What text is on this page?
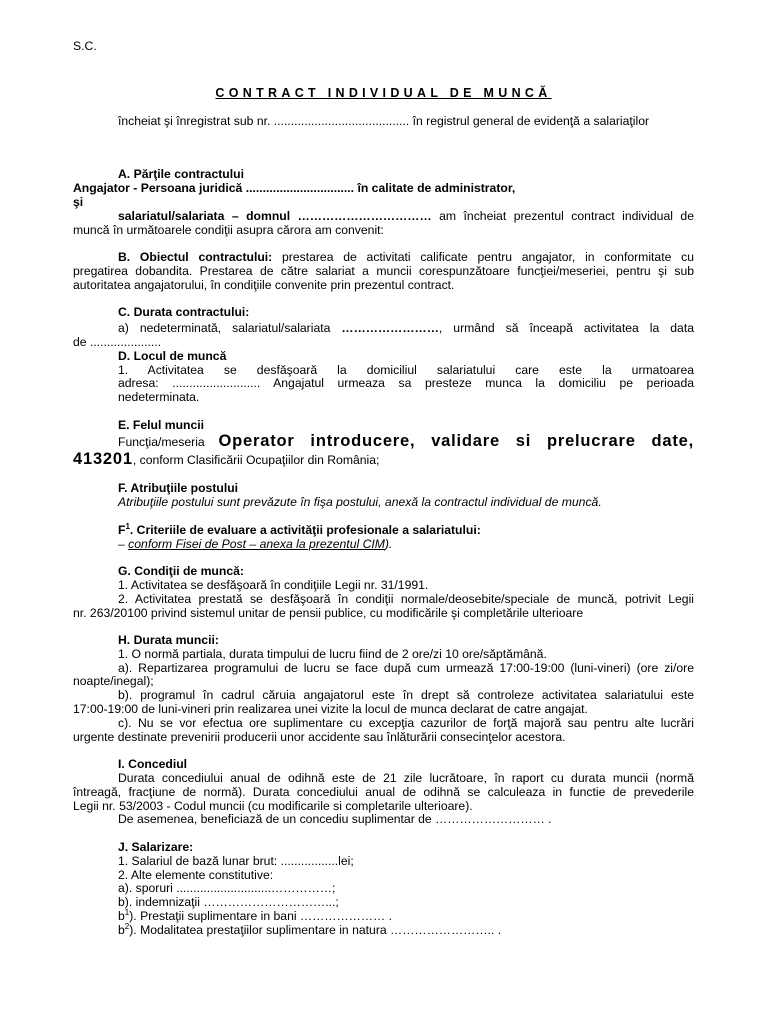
S.C.
CONTRACT INDIVIDUAL DE MUNCĂ
încheiat şi înregistrat sub nr. ........................................ în registrul general de evidenţă a salariaţilor
A. Părţile contractului
Angajator - Persoana juridică ................................ în calitate de administrator,
şi
salariatul/salariata – domnul …………………………… am încheiat prezentul contract individual de
muncă în următoarele condiţii asupra cărora am convenit:
B. Obiectul contractului: prestarea de activitati calificate pentru angajator, in conformitate cu
pregatirea dobandita. Prestarea de către salariat a muncii corespunzătoare funcţiei/meseriei, pentru şi sub
autoritatea angajatorului, în condiţiile convenite prin prezentul contract.
C. Durata contractului:
a) nedeterminată, salariatul/salariata ……………………, urmând să înceapă activitatea la data
de .....................
D. Locul de muncă
1. Activitatea se desfăşoară la domiciliul salariatului care este la urmatoarea
adresa: .......................... Angajatul urmeaza sa presteze munca la domiciliu pe perioada
nedeterminata.
E. Felul muncii
Funcţia/meseria Operator introducere, validare si prelucrare date,
413201, conform Clasificării Ocupaţiilor din România;
F. Atribuţiile postului
Atribuţiile postului sunt prevăzute în fişa postului, anexă la contractul individual de muncă.
$F^1$. Criteriile de evaluare a activităţii profesionale a salariatului:
– conform Fisei de Post – anexa la prezentul CIM).
G. Condiţii de muncă:
1. Activitatea se desfăşoară în condiţiile Legii nr. 31/1991.
2. Activitatea prestată se desfăşoară în condiţii normale/deosebite/speciale de muncă, potrivit Legii
nr. 263/20100 privind sistemul unitar de pensii publice, cu modificările şi completările ulterioare
H. Durata muncii:
1. O normă partiala, durata timpului de lucru fiind de 2 ore/zi 10 ore/săptămână.
a). Repartizarea programului de lucru se face după cum urmează 17:00-19:00 (luni-vineri) (ore zi/ore
noapte/inegal);
b). programul în cadrul căruia angajatorul este în drept să controleze activitatea salariatului este
17:00-19:00 de luni-vineri prin realizarea unei vizite la locul de munca declarat de catre angajat.
c). Nu se vor efectua ore suplimentare cu excepţia cazurilor de forţă majoră sau pentru alte lucrări
urgente destinate prevenirii producerii unor accidente sau înlăturării consecinţelor acestora.
I. Concediul
Durata concediului anual de odihnă este de 21 zile lucrătoare, în raport cu durata muncii (normă
întreagă, fracţiune de normă). Durata concediului anual de odihnă se calculeaza in functie de prevederile
Legii nr. 53/2003 - Codul muncii (cu modificarile si completarile ulterioare).
De asemenea, beneficiază de un concediu suplimentar de ……………………… .
J. Salarizare:
1. Salariul de bază lunar brut: .................lei;
2. Alte elemente constitutive:
a). sporuri ............................……………;
b). indemnizaţii …………………………...;
$b^1$). Prestaţii suplimentare in bani ………………… .
$b^2$). Modalitatea prestaţiilor suplimentare in natura …………………….. .
